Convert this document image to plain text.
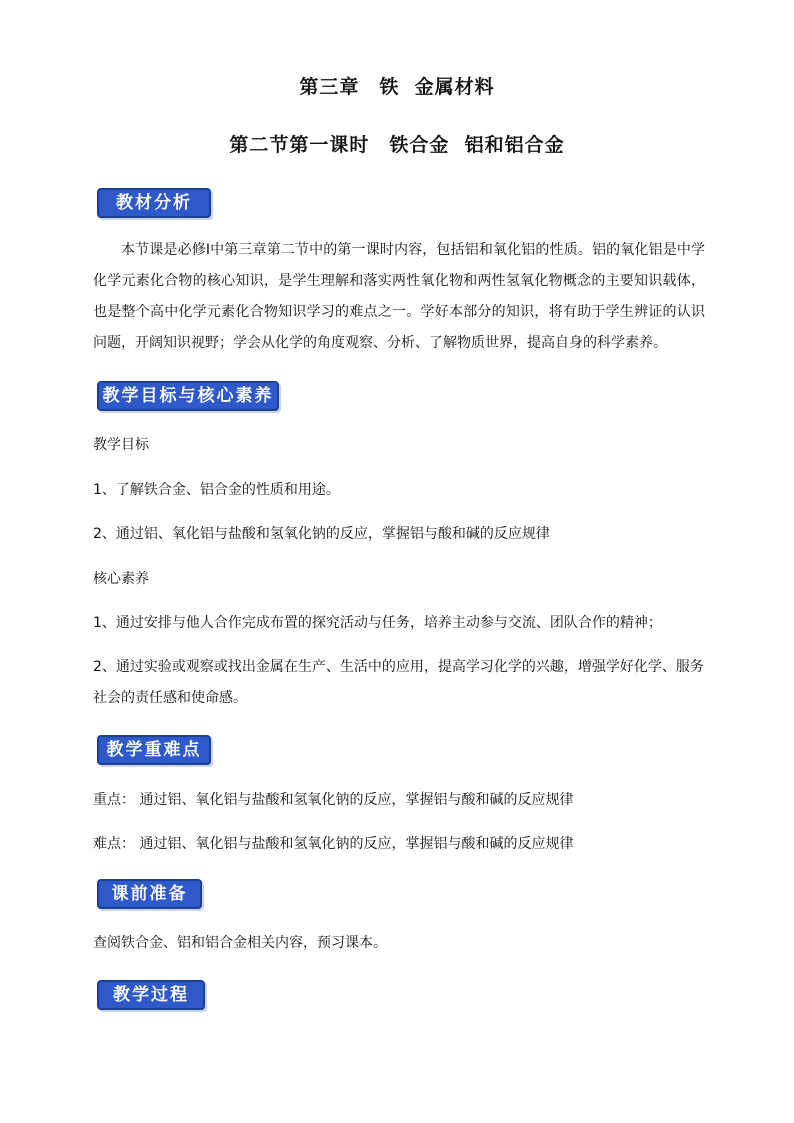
第三章　铁  金属材料
第二节第一课时　铁合金  铝和铝合金
教材分析
本节课是必修Ⅰ中第三章第二节中的第一课时内容，包括铝和氧化铝的性质。铝的氧化铝是中学化学元素化合物的核心知识，是学生理解和落实两性氧化物和两性氢氧化物概念的主要知识载体，也是整个高中化学元素化合物知识学习的难点之一。学好本部分的知识，将有助于学生辨证的认识问题，开阔知识视野；学会从化学的角度观察、分析、了解物质世界，提高自身的科学素养。
教学目标与核心素养
教学目标
1、了解铁合金、铝合金的性质和用途。
2、通过铝、氧化铝与盐酸和氢氧化钠的反应，掌握铝与酸和碱的反应规律
核心素养
1、通过安排与他人合作完成布置的探究活动与任务，培养主动参与交流、团队合作的精神；
2、通过实验或观察或找出金属在生产、生活中的应用，提高学习化学的兴趣，增强学好化学、服务社会的责任感和使命感。
教学重难点
重点： 通过铝、氧化铝与盐酸和氢氧化钠的反应，掌握铝与酸和碱的反应规律
难点： 通过铝、氧化铝与盐酸和氢氧化钠的反应，掌握铝与酸和碱的反应规律
课前准备
查阅铁合金、铝和铝合金相关内容，预习课本。
教学过程
